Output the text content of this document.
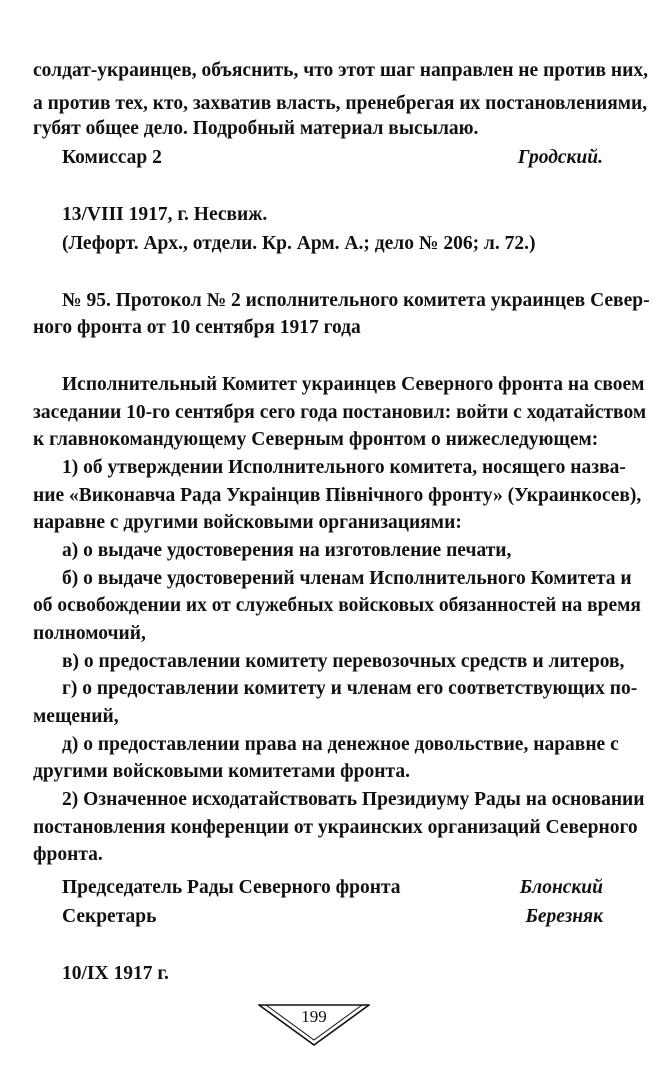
солдат-украинцев, объяснить, что этот шаг направлен не против них,
а против тех, кто, захватив власть, пренебрегая их постановлениями,
губят общее дело. Подробный материал высылаю.
Комиссар 2	Гродский.
13/VIII 1917, г. Несвиж.
(Лефорт. Арх., отдели. Кр. Арм. А.; дело № 206; л. 72.)
№ 95. Протокол № 2 исполнительного комитета украинцев Север-
ного фронта от 10 сентября 1917 года
Исполнительный Комитет украинцев Северного фронта на своем
заседании 10-го сентября сего года постановил: войти с ходатайством
к главнокомандующему Северным фронтом о нижеследующем:
1) об утверждении Исполнительного комитета, носящего назва-
ние «Виконавча Рада Украінцив Північного фронту» (Украинкосев),
наравне с другими войсковыми организациями:
а) о выдаче удостоверения на изготовление печати,
б) о выдаче удостоверений членам Исполнительного Комитета и
об освобождении их от служебных войсковых обязанностей на время
полномочий,
в) о предоставлении комитету перевозочных средств и литеров,
г) о предоставлении комитету и членам его соответствующих по-
мещений,
д) о предоставлении права на денежное довольствие, наравне с
другими войсковыми комитетами фронта.
2) Означенное исходатайствовать Президиуму Рады на основании
постановления конференции от украинских организаций Северного
фронта.
Председатель Рады Северного фронта	Блонский
Секретарь	Березняк
10/IX 1917 г.
199
